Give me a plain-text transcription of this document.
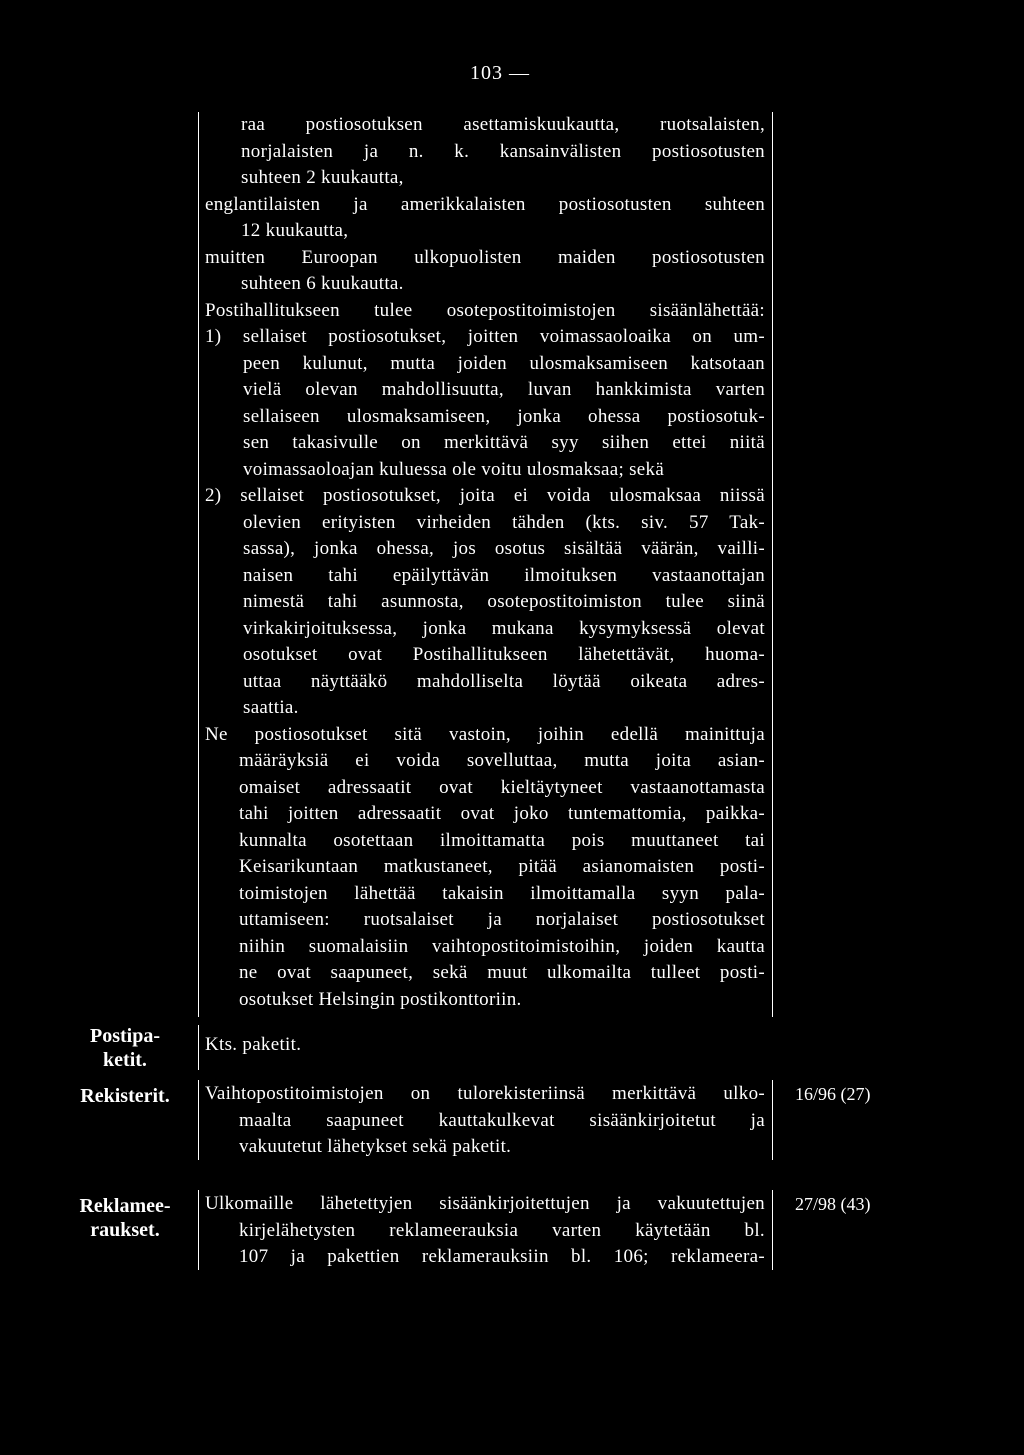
103 —
raa postiosotuksen asettamiskuukautta, ruotsalaisten,
norjalaisten ja n. k. kansainvälisten postiosotusten
suhteen 2 kuukautta,
englantilaisten ja amerikkalaisten postiosotusten suhteen
12 kuukautta,
muitten Euroopan ulkopuolisten maiden postiosotusten
suhteen 6 kuukautta.
Postihallitukseen tulee osotepostitoimistojen sisäänlähettää:
1) sellaiset postiosotukset, joitten voimassaoloaika on um-
peen kulunut, mutta joiden ulosmaksamiseen katsotaan
vielä olevan mahdollisuutta, luvan hankkimista varten
sellaiseen ulosmaksamiseen, jonka ohessa postiosotuk-
sen takasivulle on merkittävä syy siihen ettei niitä
voimassaoloajan kuluessa ole voitu ulosmaksaa; sekä
2) sellaiset postiosotukset, joita ei voida ulosmaksaa niissä
olevien erityisten virheiden tähden (kts. siv. 57 Tak-
sassa), jonka ohessa, jos osotus sisältää väärän, vailli-
naisen tahi epäilyttävän ilmoituksen vastaanottajan
nimestä tahi asunnosta, osotepostitoimiston tulee siinä
virkakirjoituksessa, jonka mukana kysymyksessä olevat
osotukset ovat Postihallitukseen lähetettävät, huoma-
uttaa näyttääkö mahdolliselta löytää oikeata adres-
saattia.
Ne postiosotukset sitä vastoin, joihin edellä mainittuja
määräyksiä ei voida sovelluttaa, mutta joita asian-
omaiset adressaatit ovat kieltäytyneet vastaanottamasta
tahi joitten adressaatit ovat joko tuntemattomia, paikka-
kunnalta osotettaan ilmoittamatta pois muuttaneet tai
Keisarikuntaan matkustaneet, pitää asianomaisten posti-
toimistojen lähettää takaisin ilmoittamalla syyn pala-
uttamiseen: ruotsalaiset ja norjalaiset postiosotukset
niihin suomalaisiin vaihtopostitoimistoihin, joiden kautta
ne ovat saapuneet, sekä muut ulkomailta tulleet posti-
osotukset Helsingin postikonttoriin.
Postipa-
ketit.
Kts. paketit.
Rekisterit.	Vaihtopostitoimistojen on tulorekisteriinsä merkittävä ulko-
maalta saapuneet kauttakulkevat sisäänkirjoitetut ja
vakuutetut lähetykset sekä paketit.
16/96 (27)
Reklamee-
raukset.
Ulkomaille lähetettyjen sisäänkirjoitettujen ja vakuutettujen
kirjelähetysten reklameerauksia varten käytetään bl.
107 ja pakettien reklamerauksiin bl. 106; reklameera-
27/98 (43)
